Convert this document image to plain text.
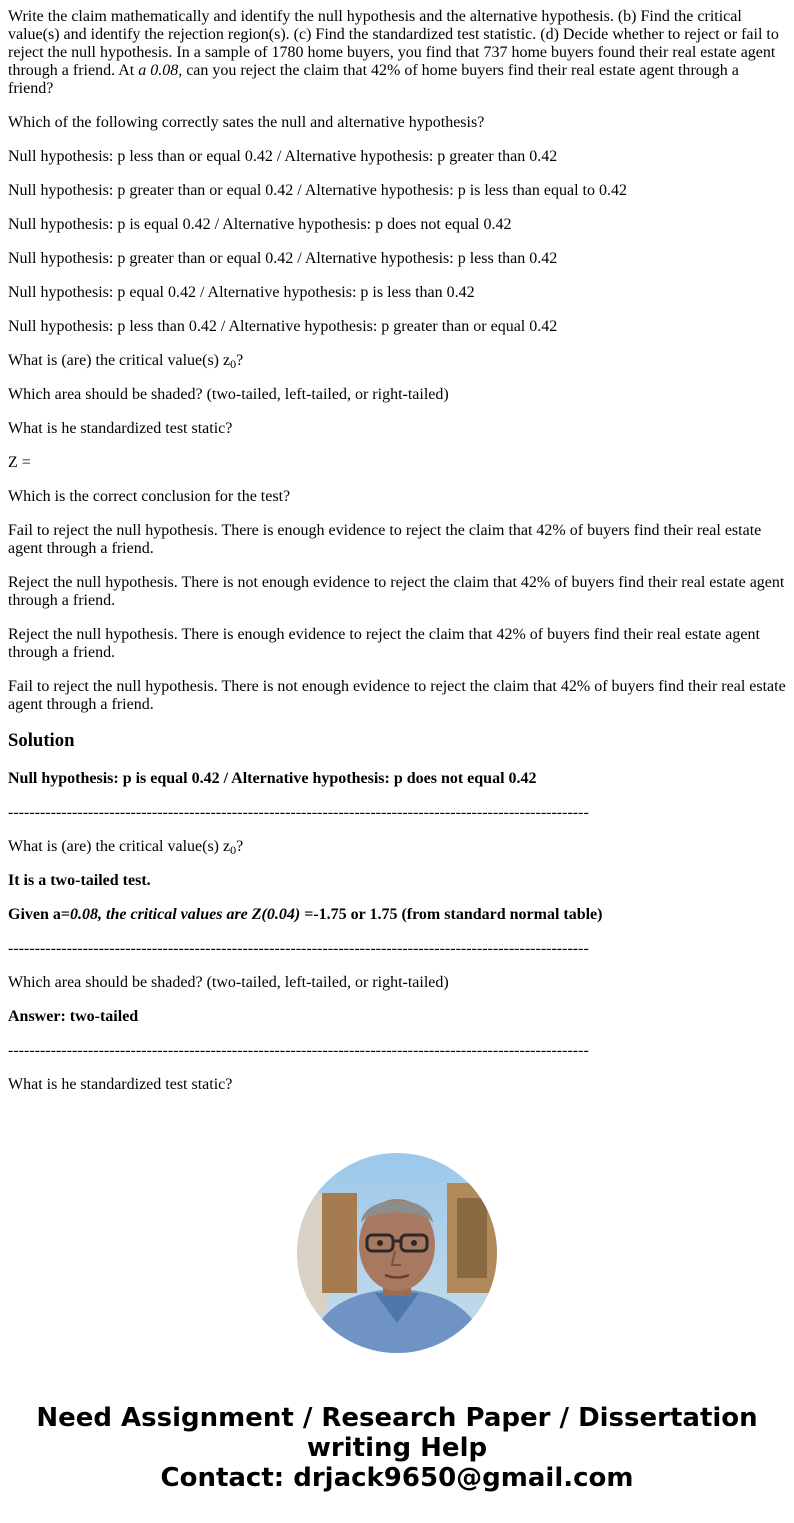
Write the claim mathematically and identify the null hypothesis and the alternative hypothesis. (b) Find the critical value(s) and identify the rejection region(s). (c) Find the standardized test statistic. (d) Decide whether to reject or fail to reject the null hypothesis. In a sample of 1780 home buyers, you find that 737 home buyers found their real estate agent through a friend. At a 0.08, can you reject the claim that 42% of home buyers find their real estate agent through a friend?

Which of the following correctly sates the null and alternative hypothesis?

Null hypothesis: p less than or equal 0.42 / Alternative hypothesis: p greater than 0.42

Null hypothesis: p greater than or equal 0.42 / Alternative hypothesis: p is less than equal to 0.42

Null hypothesis: p is equal 0.42 / Alternative hypothesis: p does not equal 0.42

Null hypothesis: p greater than or equal 0.42 / Alternative hypothesis: p less than 0.42

Null hypothesis: p equal 0.42 / Alternative hypothesis: p is less than 0.42

Null hypothesis: p less than 0.42 / Alternative hypothesis: p greater than or equal 0.42

What is (are) the critical value(s) $z_0$?

Which area should be shaded? (two-tailed, left-tailed, or right-tailed)

What is he standardized test static?

Z =

Which is the correct conclusion for the test?

Fail to reject the null hypothesis. There is enough evidence to reject the claim that 42% of buyers find their real estate agent through a friend.

Reject the null hypothesis. There is not enough evidence to reject the claim that 42% of buyers find their real estate agent through a friend.

Reject the null hypothesis. There is enough evidence to reject the claim that 42% of buyers find their real estate agent through a friend.

Fail to reject the null hypothesis. There is not enough evidence to reject the claim that 42% of buyers find their real estate agent through a friend.

Solution

Null hypothesis: p is equal 0.42 / Alternative hypothesis: p does not equal 0.42

-------------------------------------------------------------------------------------------------------------

What is (are) the critical value(s) $z_0$?

It is a two-tailed test.

Given a=0.08, the critical values are Z(0.04) =-1.75 or 1.75 (from standard normal table)

-------------------------------------------------------------------------------------------------------------

Which area should be shaded? (two-tailed, left-tailed, or right-tailed)

Answer: two-tailed

-------------------------------------------------------------------------------------------------------------

What is he standardized test static?

Need Assignment / Research Paper / Dissertation
writing Help
Contact: drjack9650@gmail.com
